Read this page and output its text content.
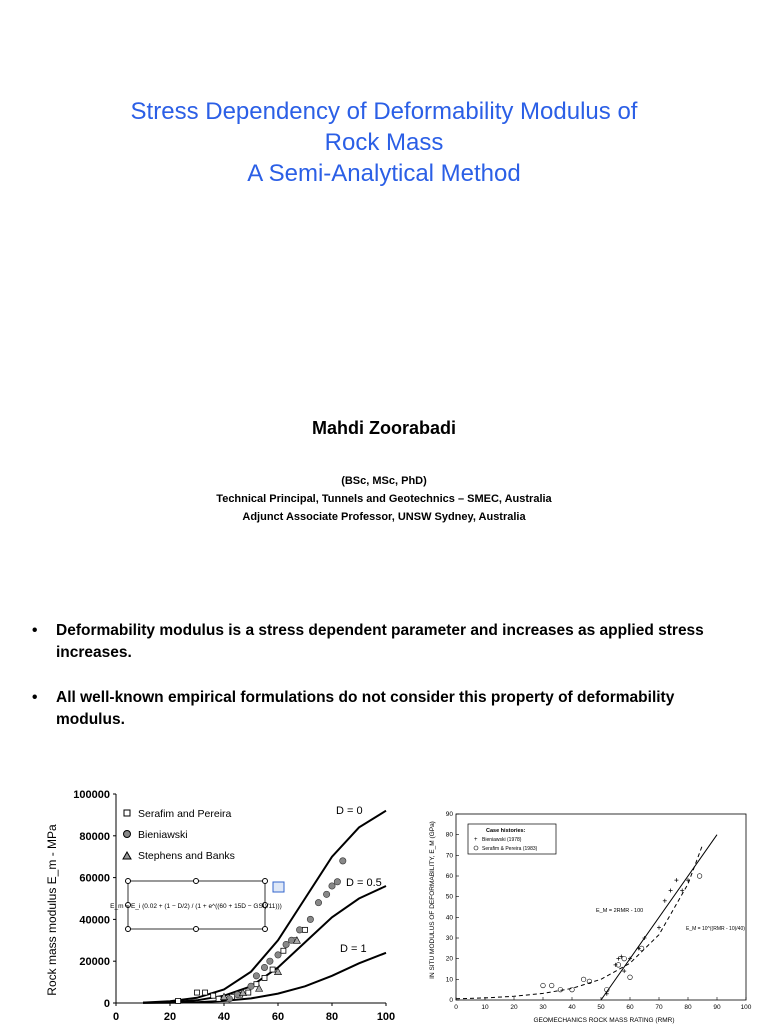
Stress Dependency of Deformability Modulus of
Rock Mass
A Semi-Analytical Method
Mahdi Zoorabadi
(BSc, MSc, PhD)
Technical Principal, Tunnels and Geotechnics – SMEC, Australia
Adjunct Associate Professor, UNSW Sydney, Australia
• Deformability modulus is a stress dependent parameter and increases as applied stress increases.
• All well-known empirical formulations do not consider this property of deformability modulus.
0	20	40	60	80	100
0
20000
40000
60000
80000
100000
Rock mass modulus E_m - MPa
Serafim and Pereira
Bieniawski
Stephens and Banks
D = 0
D = 0.5
D = 1
E_m = E_i (0.02 + (1 − D/2) / (1 + e^((60 + 15D − GSI)/11)))
0	10	20	30	40	50	60	70	80	90	100
0
10
20
30
40
50
60
70
80
90
IN SITU MODULUS OF DEFORMABILITY, E_M (GPa)
GEOMECHANICS ROCK MASS RATING (RMR)
Case histories:
+ Bieniawski (1978)
Serafim & Pereira (1983)
E_M = 2RMR - 100
E_M = 10^((RMR - 10)/40)
